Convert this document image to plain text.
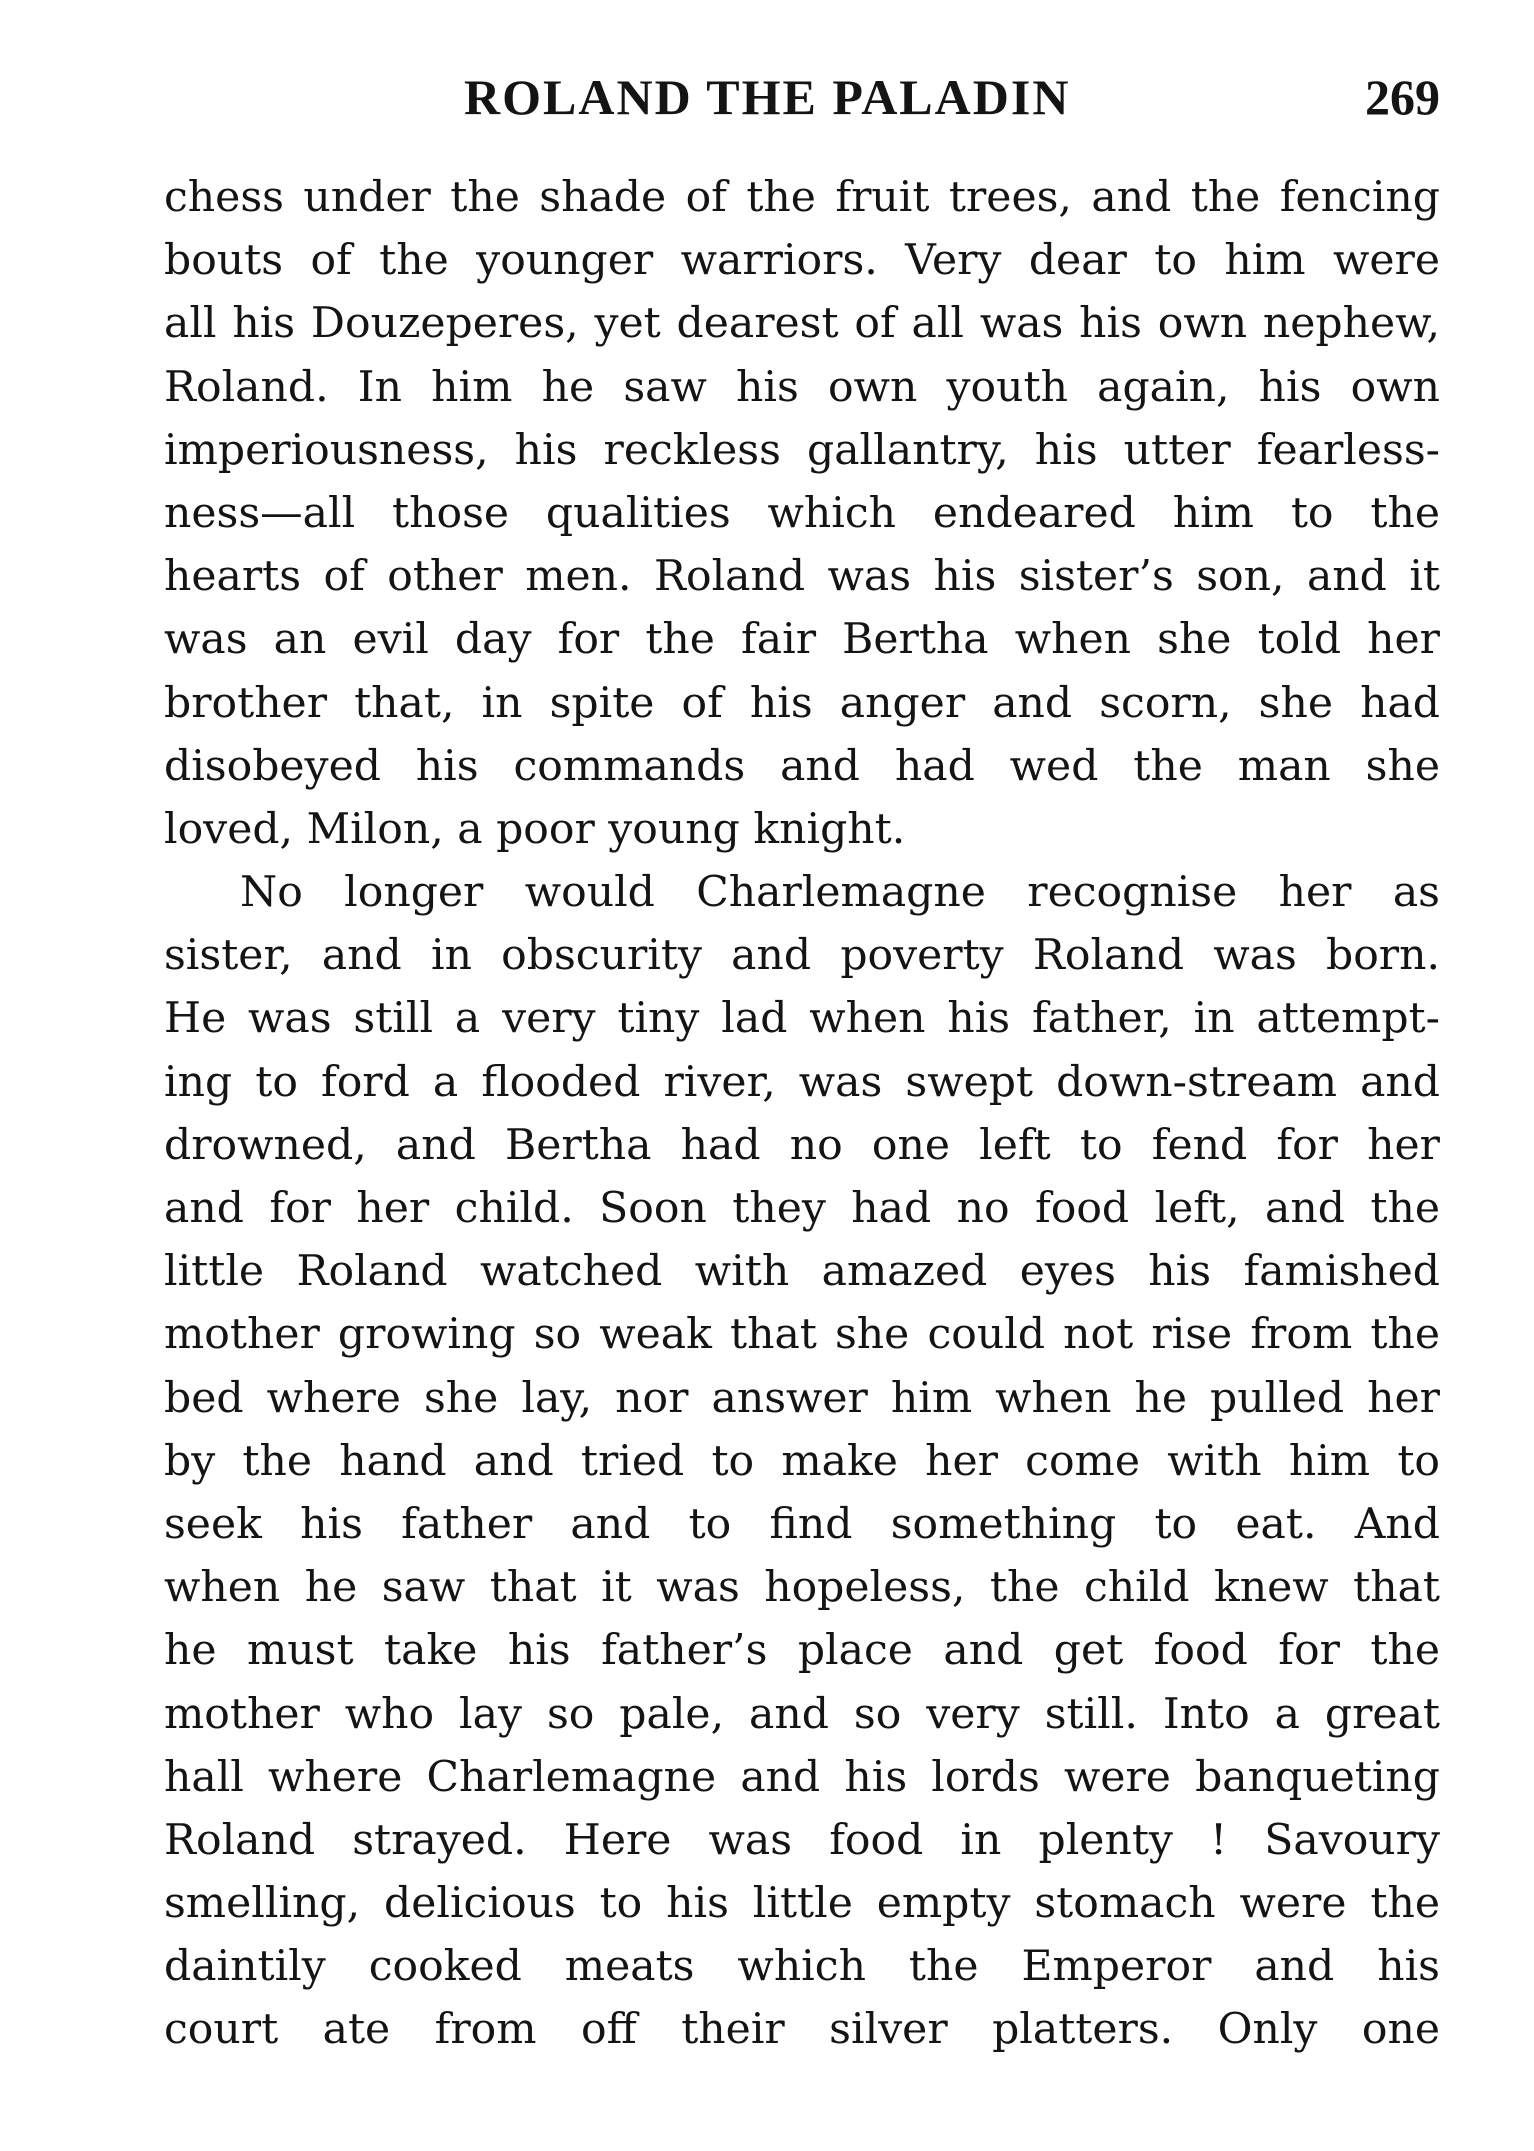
ROLAND THE PALADIN	269
chess under the shade of the fruit trees, and the fencing
bouts of the younger warriors. Very dear to him were
all his Douzeperes, yet dearest of all was his own nephew,
Roland. In him he saw his own youth again, his own
imperiousness, his reckless gallantry, his utter fearless-
ness—all those qualities which endeared him to the
hearts of other men. Roland was his sister’s son, and it
was an evil day for the fair Bertha when she told her
brother that, in spite of his anger and scorn, she had
disobeyed his commands and had wed the man she
loved, Milon, a poor young knight.
No longer would Charlemagne recognise her as
sister, and in obscurity and poverty Roland was born.
He was still a very tiny lad when his father, in attempt-
ing to ford a flooded river, was swept down-stream and
drowned, and Bertha had no one left to fend for her
and for her child. Soon they had no food left, and the
little Roland watched with amazed eyes his famished
mother growing so weak that she could not rise from the
bed where she lay, nor answer him when he pulled her
by the hand and tried to make her come with him to
seek his father and to find something to eat. And
when he saw that it was hopeless, the child knew that
he must take his father’s place and get food for the
mother who lay so pale, and so very still. Into a great
hall where Charlemagne and his lords were banqueting
Roland strayed. Here was food in plenty ! Savoury
smelling, delicious to his little empty stomach were the
daintily cooked meats which the Emperor and his
court ate from off their silver platters. Only one
